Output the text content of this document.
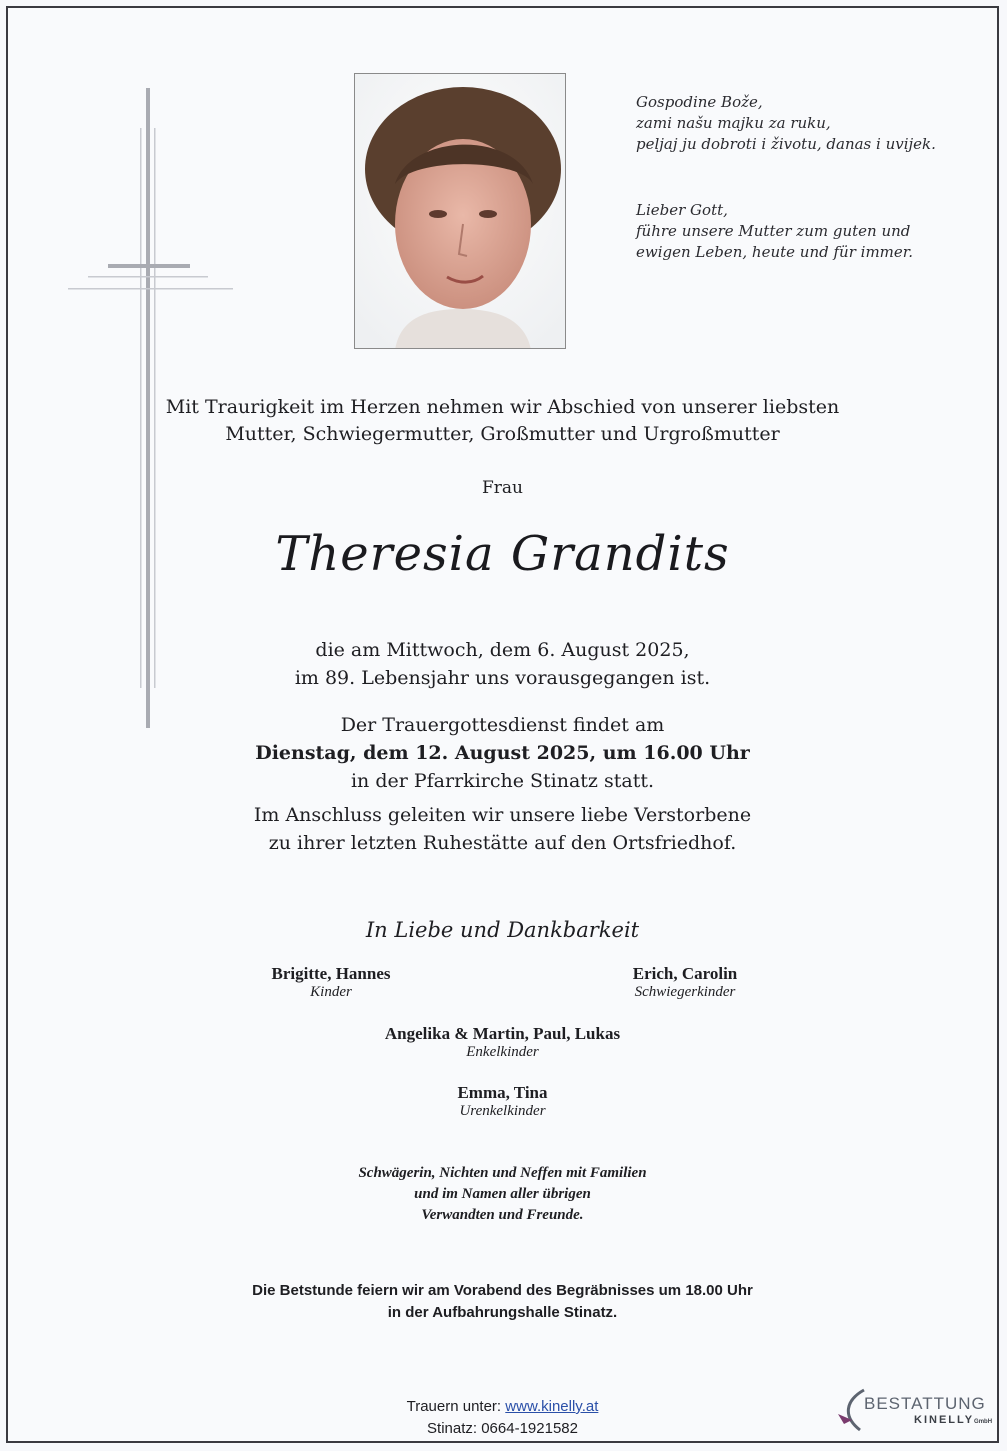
Gospodine Bože,
zami našu majku za ruku,
peljaj ju dobroti i životu, danas i uvijek.
Lieber Gott,
führe unsere Mutter zum guten und
ewigen Leben, heute und für immer.
Mit Traurigkeit im Herzen nehmen wir Abschied von unserer liebsten
Mutter, Schwiegermutter, Großmutter und Urgroßmutter
Frau
Theresia Grandits
die am Mittwoch, dem 6. August 2025,
im 89. Lebensjahr uns vorausgegangen ist.
Der Trauergottesdienst findet am
Dienstag, dem 12. August 2025, um 16.00 Uhr
in der Pfarrkirche Stinatz statt.
Im Anschluss geleiten wir unsere liebe Verstorbene
zu ihrer letzten Ruhestätte auf den Ortsfriedhof.
In Liebe und Dankbarkeit
Brigitte, Hannes
Kinder
Erich, Carolin
Schwiegerkinder
Angelika & Martin, Paul, Lukas
Enkelkinder
Emma, Tina
Urenkelkinder
Schwägerin, Nichten und Neffen mit Familien
und im Namen aller übrigen
Verwandten und Freunde.
Die Betstunde feiern wir am Vorabend des Begräbnisses um 18.00 Uhr
in der Aufbahrungshalle Stinatz.
Trauern unter: www.kinelly.at
Stinatz: 0664-1921582
BESTATTUNG
KINELLYGmbH
